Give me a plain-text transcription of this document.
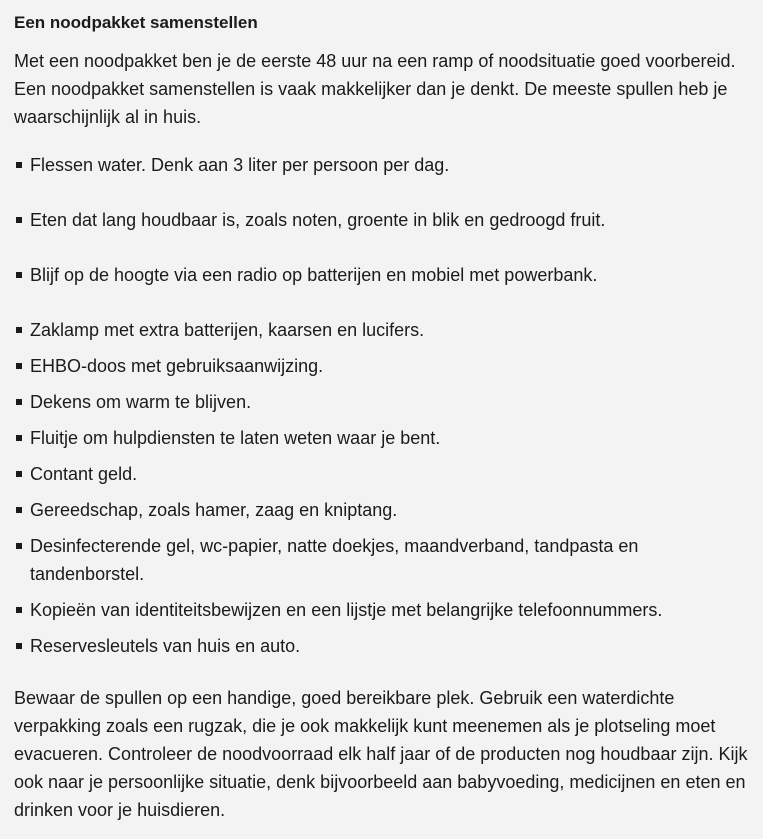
Een noodpakket samenstellen

Met een noodpakket ben je de eerste 48 uur na een ramp of noodsituatie goed voorbereid. Een noodpakket samenstellen is vaak makkelijker dan je denkt. De meeste spullen heb je waarschijnlijk al in huis.

Flessen water. Denk aan 3 liter per persoon per dag.
Eten dat lang houdbaar is, zoals noten, groente in blik en gedroogd fruit.
Blijf op de hoogte via een radio op batterijen en mobiel met powerbank.
Zaklamp met extra batterijen, kaarsen en lucifers.
EHBO-doos met gebruiksaanwijzing.
Dekens om warm te blijven.
Fluitje om hulpdiensten te laten weten waar je bent.
Contant geld.
Gereedschap, zoals hamer, zaag en kniptang.
Desinfecterende gel, wc-papier, natte doekjes, maandverband, tandpasta en tandenborstel.
Kopieën van identiteitsbewijzen en een lijstje met belangrijke telefoonnummers.
Reservesleutels van huis en auto.

Bewaar de spullen op een handige, goed bereikbare plek. Gebruik een waterdichte verpakking zoals een rugzak, die je ook makkelijk kunt meenemen als je plotseling moet evacueren. Controleer de noodvoorraad elk half jaar of de producten nog houdbaar zijn. Kijk ook naar je persoonlijke situatie, denk bijvoorbeeld aan babyvoeding, medicijnen en eten en drinken voor je huisdieren.
